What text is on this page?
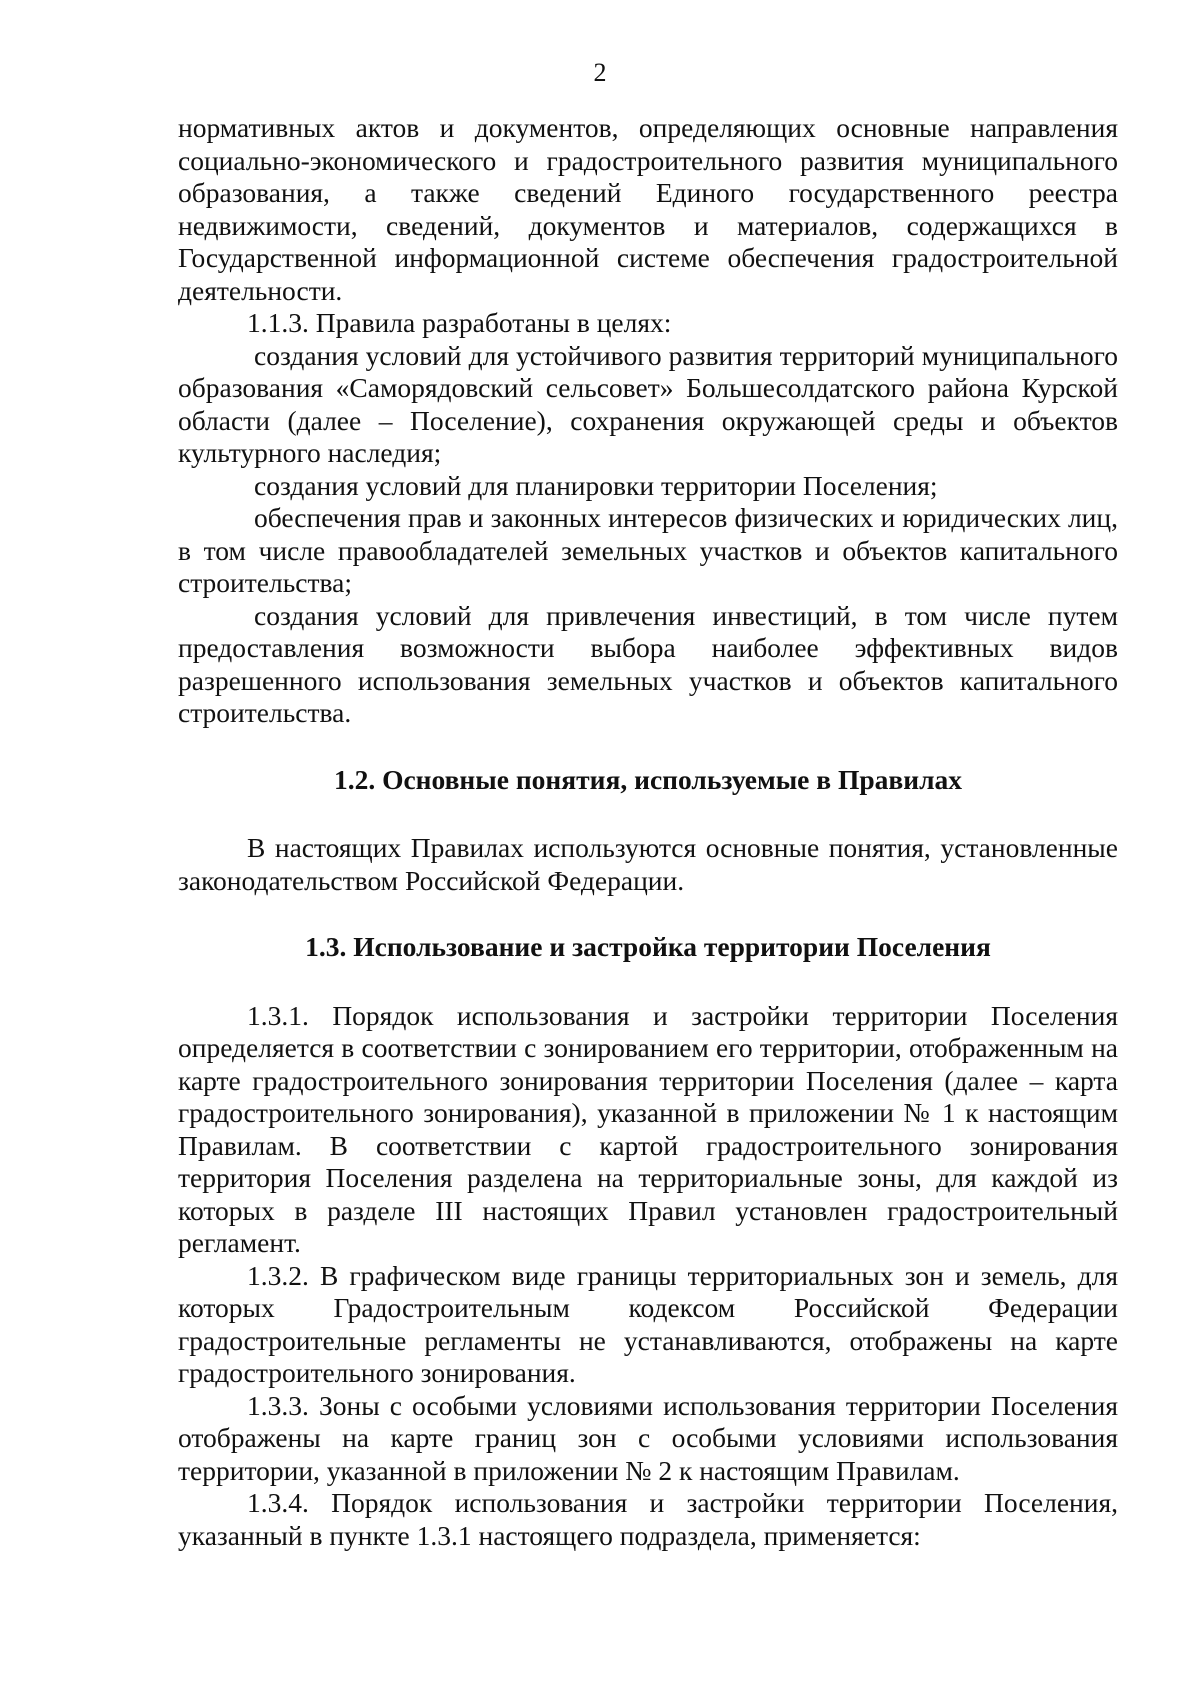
2

нормативных актов и документов, определяющих основные направления социально-экономического и градостроительного развития муниципального образования, а также сведений Единого государственного реестра недвижимости, сведений, документов и материалов, содержащихся в Государственной информационной системе обеспечения градостроительной деятельности.

1.1.3. Правила разработаны в целях:

создания условий для устойчивого развития территорий муниципального образования «Саморядовский сельсовет» Большесолдатского района Курской области (далее – Поселение), сохранения окружающей среды и объектов культурного наследия;

создания условий для планировки территории Поселения;

обеспечения прав и законных интересов физических и юридических лиц, в том числе правообладателей земельных участков и объектов капитального строительства;

создания условий для привлечения инвестиций, в том числе путем предоставления возможности выбора наиболее эффективных видов разрешенного использования земельных участков и объектов капитального строительства.

1.2. Основные понятия, используемые в Правилах

В настоящих Правилах используются основные понятия, установленные законодательством Российской Федерации.

1.3. Использование и застройка территории Поселения

1.3.1. Порядок использования и застройки территории Поселения определяется в соответствии с зонированием его территории, отображенным на карте градостроительного зонирования территории Поселения (далее – карта градостроительного зонирования), указанной в приложении № 1 к настоящим Правилам. В соответствии с картой градостроительного зонирования территория Поселения разделена на территориальные зоны, для каждой из которых в разделе III настоящих Правил установлен градостроительный регламент.

1.3.2. В графическом виде границы территориальных зон и земель, для которых Градостроительным кодексом Российской Федерации градостроительные регламенты не устанавливаются, отображены на карте градостроительного зонирования.

1.3.3. Зоны с особыми условиями использования территории Поселения отображены на карте границ зон с особыми условиями использования территории, указанной в приложении № 2 к настоящим Правилам.

1.3.4. Порядок использования и застройки территории Поселения, указанный в пункте 1.3.1 настоящего подраздела, применяется:
